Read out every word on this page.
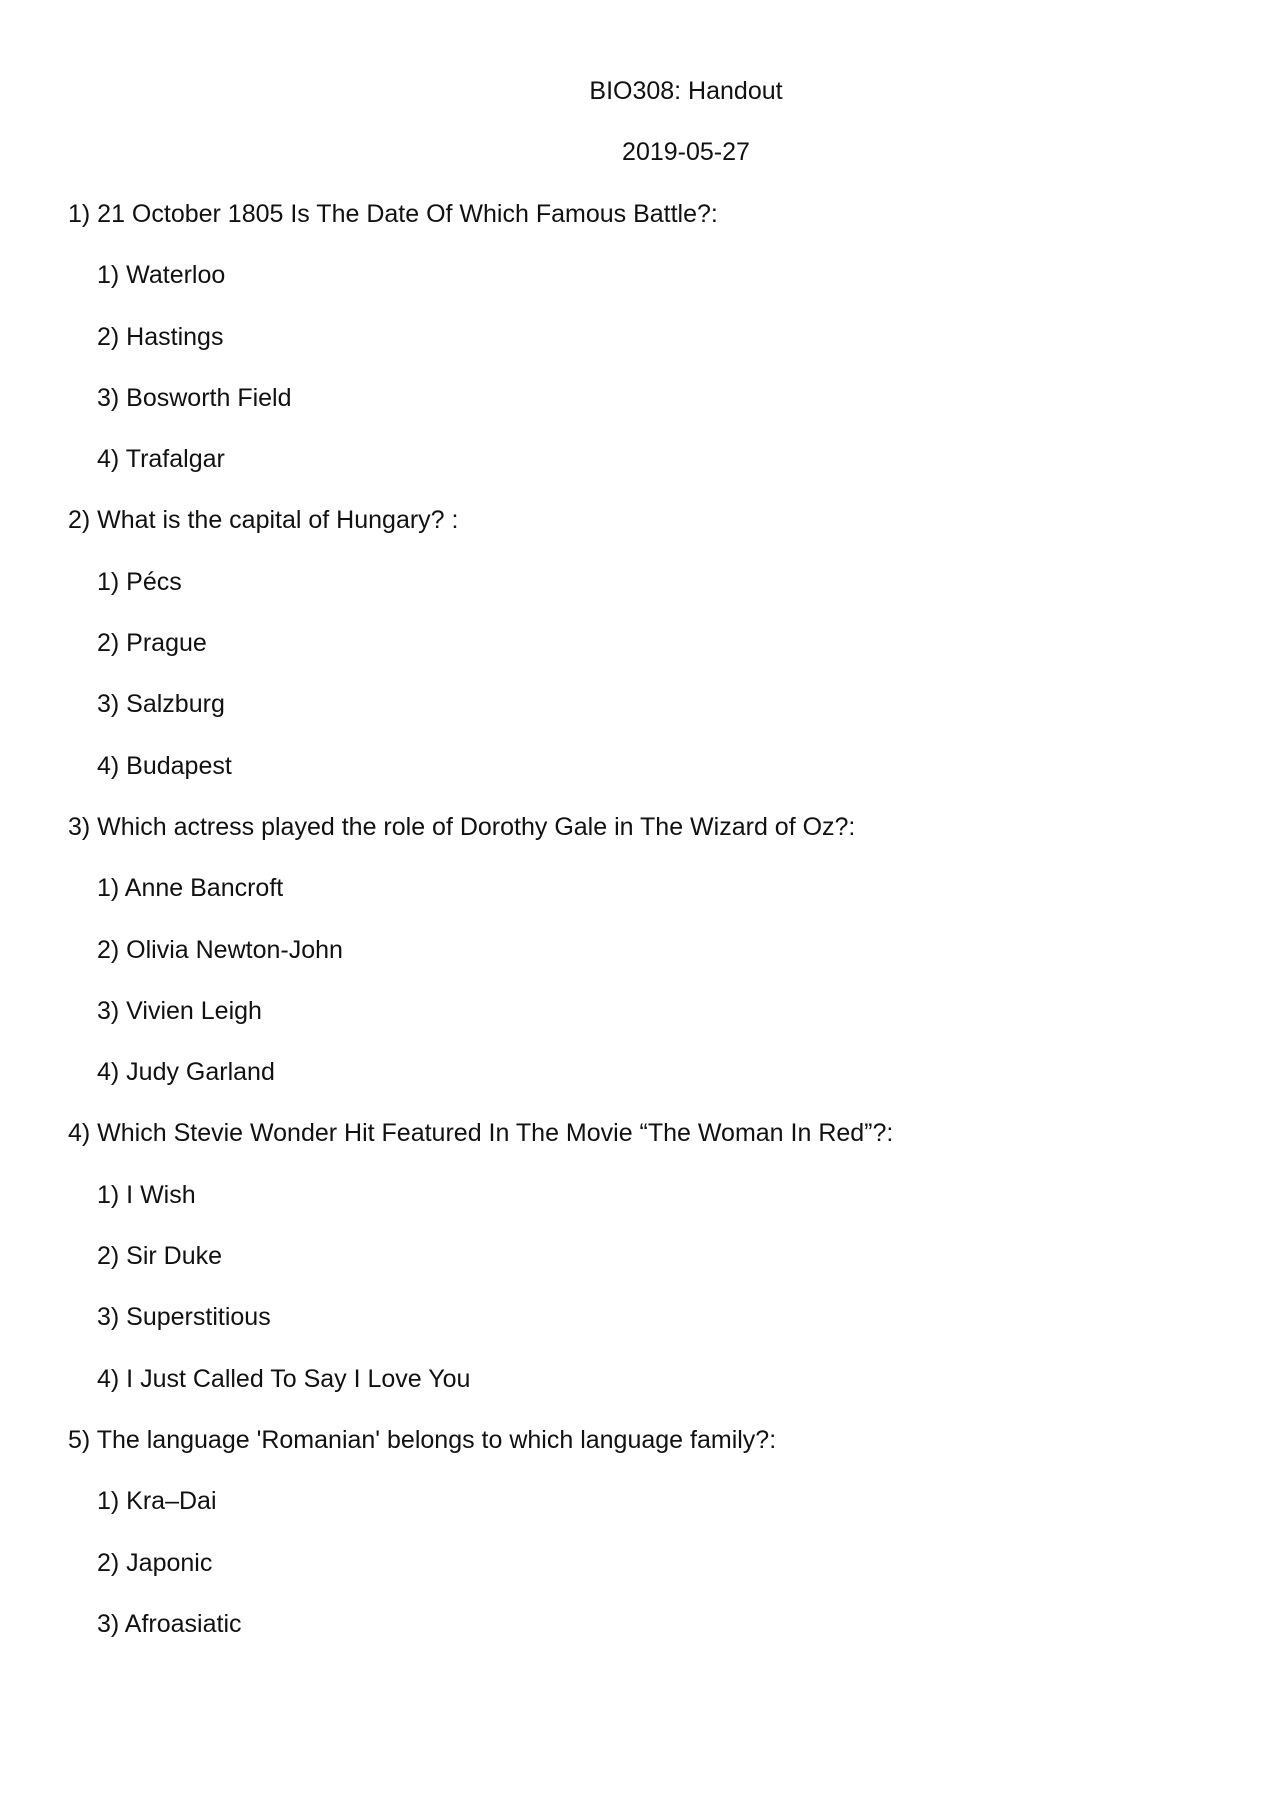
BIO308: Handout
2019-05-27
1) 21 October 1805 Is The Date Of Which Famous Battle?:
1) Waterloo
2) Hastings
3) Bosworth Field
4) Trafalgar
2) What is the capital of Hungary? :
1) Pécs
2) Prague
3) Salzburg
4) Budapest
3) Which actress played the role of Dorothy Gale in The Wizard of Oz?:
1) Anne Bancroft
2) Olivia Newton-John
3) Vivien Leigh
4) Judy Garland
4) Which Stevie Wonder Hit Featured In The Movie “The Woman In Red”?:
1) I Wish
2) Sir Duke
3) Superstitious
4) I Just Called To Say I Love You
5) The language 'Romanian' belongs to which language family?:
1) Kra–Dai
2) Japonic
3) Afroasiatic
